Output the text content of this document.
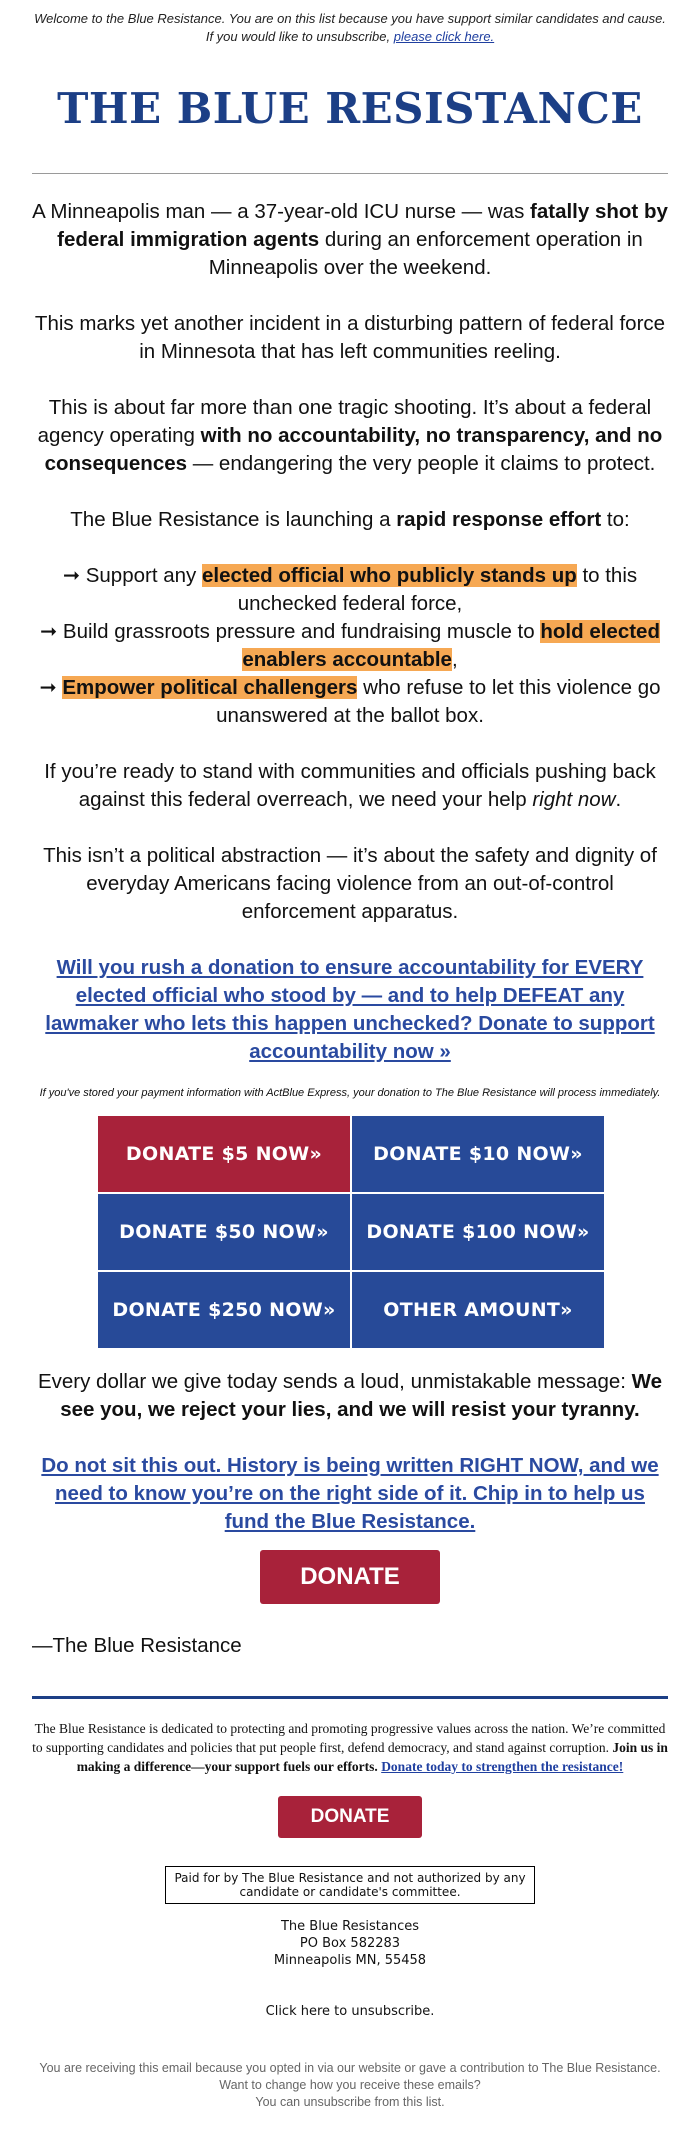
Welcome to the Blue Resistance. You are on this list because you have support similar candidates and cause. If you would like to unsubscribe, please click here.
THE BLUE RESISTANCE

A Minneapolis man — a 37-year-old ICU nurse — was fatally shot by federal immigration agents during an enforcement operation in Minneapolis over the weekend.

This marks yet another incident in a disturbing pattern of federal force in Minnesota that has left communities reeling.

This is about far more than one tragic shooting. It’s about a federal agency operating with no accountability, no transparency, and no consequences — endangering the very people it claims to protect.

The Blue Resistance is launching a rapid response effort to:

➞ Support any elected official who publicly stands up to this unchecked federal force,

➞ Build grassroots pressure and fundraising muscle to hold elected enablers accountable,

➞ Empower political challengers who refuse to let this violence go unanswered at the ballot box.

If you’re ready to stand with communities and officials pushing back against this federal overreach, we need your help right now.

This isn’t a political abstraction — it’s about the safety and dignity of everyday Americans facing violence from an out-of-control enforcement apparatus.

Will you rush a donation to ensure accountability for EVERY elected official who stood by — and to help DEFEAT any lawmaker who lets this happen unchecked? Donate to support accountability now »
If you've stored your payment information with ActBlue Express, your donation to The Blue Resistance will process immediately.
DONATE $5 NOW»	DONATE $10 NOW»
DONATE $50 NOW»	DONATE $100 NOW»
DONATE $250 NOW»	OTHER AMOUNT»

Every dollar we give today sends a loud, unmistakable message: We see you, we reject your lies, and we will resist your tyranny.

Do not sit this out. History is being written RIGHT NOW, and we need to know you’re on the right side of it. Chip in to help us fund the Blue Resistance.
DONATE

—The Blue Resistance

The Blue Resistance is dedicated to protecting and promoting progressive values across the nation. We’re committed to supporting candidates and policies that put people first, defend democracy, and stand against corruption. Join us in making a difference—your support fuels our efforts. Donate today to strengthen the resistance!
DONATE
Paid for by The Blue Resistance and not authorized by any candidate or candidate's committee.
The Blue Resistances
PO Box 582283
Minneapolis MN, 55458
Click here to unsubscribe.
You are receiving this email because you opted in via our website or gave a contribution to The Blue Resistance. Want to change how you receive these emails?
You can unsubscribe from this list.
